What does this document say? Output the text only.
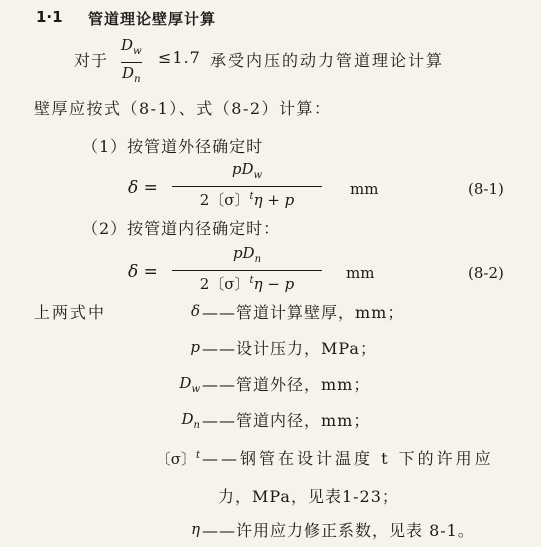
1·1 管道理论壁厚计算
对于
$D_w$
$D_n$
≤1.7 承受内压的动力管道理论计算
壁厚应按式（8-1）、式（8-2）计算：
（1）按管道外径确定时
δ =
$pD_w$
2〔σ〕$^t$η + p
mm	(8-1)
（2）按管道内径确定时：
δ =
$pD_n$
2〔σ〕$^t$η − p
mm	(8-2)
上两式中	δ ——管道计算壁厚，mm；
p ——设计压力，MPa；
$D_w$ ——管道外径，mm；
$D_n$ ——管道内径，mm；
〔σ〕$^t$ ——钢管在设计温度 t 下的许用应
力，MPa，见表1-23；
η ——许用应力修正系数，见表 8-1。
